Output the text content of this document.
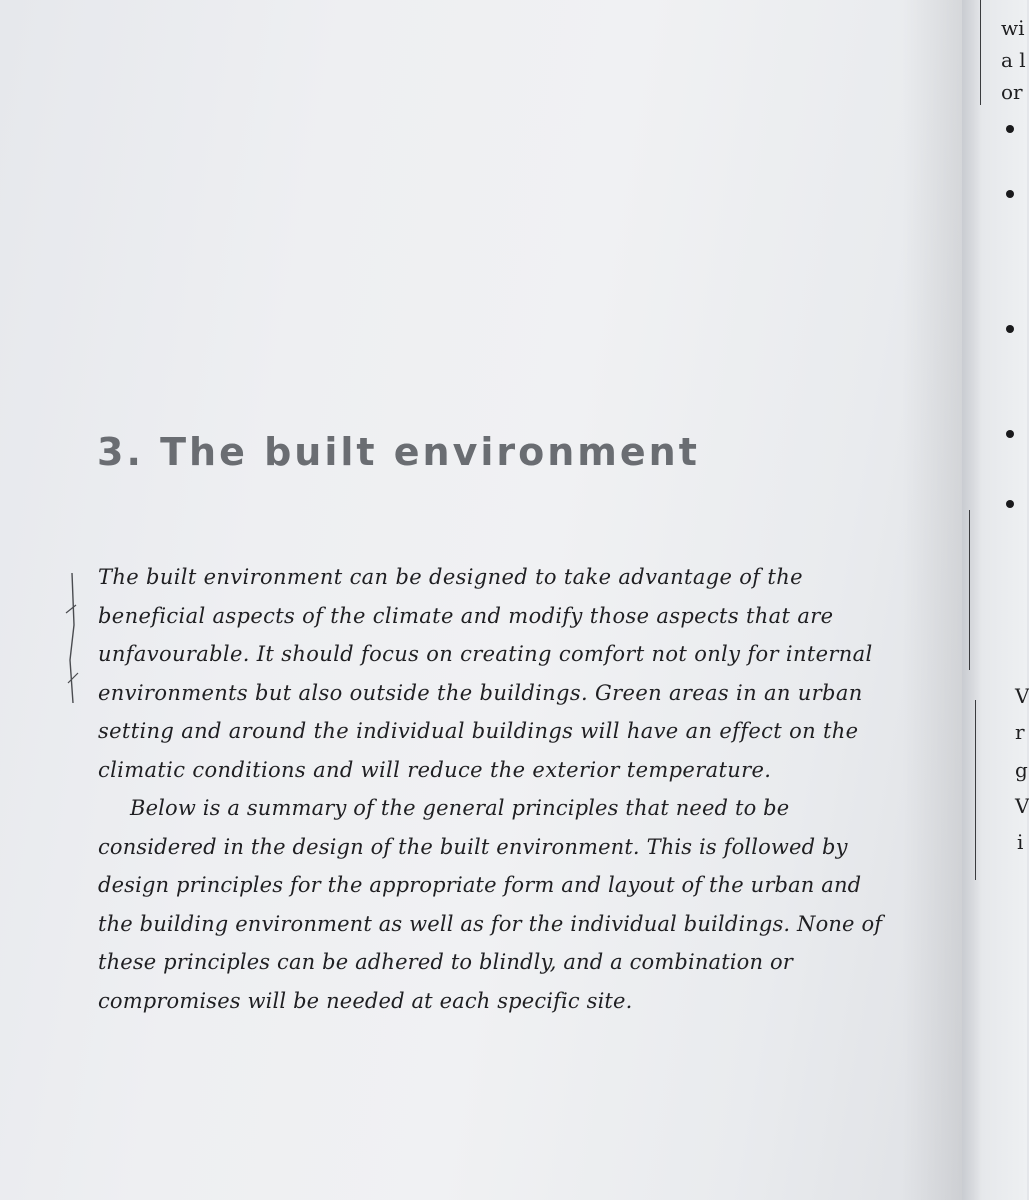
3. The built environment

The built environment can be designed to take advantage of the beneficial aspects of the climate and modify those aspects that are unfavourable. It should focus on creating comfort not only for internal environments but also outside the buildings. Green areas in an urban setting and around the individual buildings will have an effect on the climatic conditions and will reduce the exterior temperature.

Below is a summary of the general principles that need to be considered in the design of the built environment. This is followed by design principles for the appropriate form and layout of the urban and the building environment as well as for the individual buildings. None of these principles can be adhered to blindly, and a combination or compromises will be needed at each specific site.

wi
a l
or
V
r
g
V
i
